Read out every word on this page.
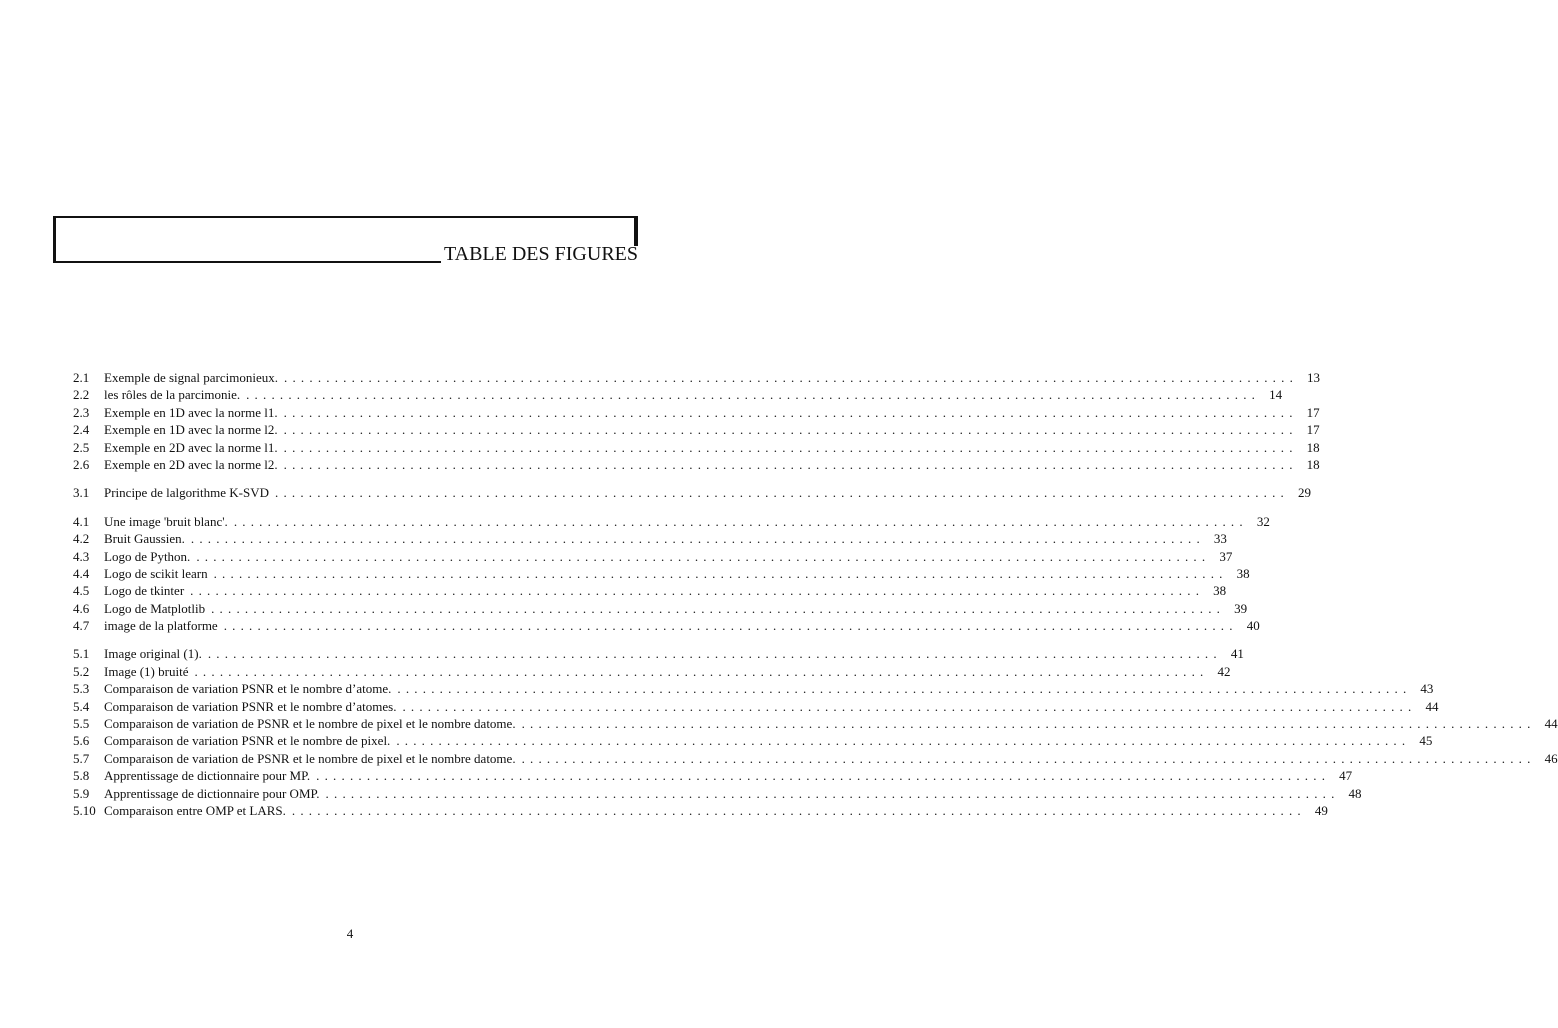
TABLE DES FIGURES
2.1	Exemple de signal parcimonieux. ........................................................................................................................ 13
2.2	les rôles de la parcimonie. ........................................................................................................................ 14
2.3	Exemple en 1D avec la norme l1. ........................................................................................................................ 17
2.4	Exemple en 1D avec la norme l2. ........................................................................................................................ 17
2.5	Exemple en 2D avec la norme l1. ........................................................................................................................ 18
2.6	Exemple en 2D avec la norme l2. ........................................................................................................................ 18
3.1	Principe de lalgorithme K-SVD ........................................................................................................................ 29
4.1	Une image 'bruit blanc'. ........................................................................................................................ 32
4.2	Bruit Gaussien. ........................................................................................................................ 33
4.3	Logo de Python. ........................................................................................................................ 37
4.4	Logo de scikit learn ........................................................................................................................ 38
4.5	Logo de tkinter ........................................................................................................................ 38
4.6	Logo de Matplotlib ........................................................................................................................ 39
4.7	image de la platforme ........................................................................................................................ 40
5.1	Image original (1). ........................................................................................................................ 41
5.2	Image (1) bruité ........................................................................................................................ 42
5.3	Comparaison de variation PSNR et le nombre d’atome. ........................................................................................................................ 43
5.4	Comparaison de variation PSNR et le nombre d’atomes. ........................................................................................................................ 44
5.5	Comparaison de variation de PSNR et le nombre de pixel et le nombre datome. ........................................................................................................................ 44
5.6	Comparaison de variation PSNR et le nombre de pixel. ........................................................................................................................ 45
5.7	Comparaison de variation de PSNR et le nombre de pixel et le nombre datome. ........................................................................................................................ 46
5.8	Apprentissage de dictionnaire pour MP. ........................................................................................................................ 47
5.9	Apprentissage de dictionnaire pour OMP. ........................................................................................................................ 48
5.10 Comparaison entre OMP et LARS. ........................................................................................................................ 49
4
